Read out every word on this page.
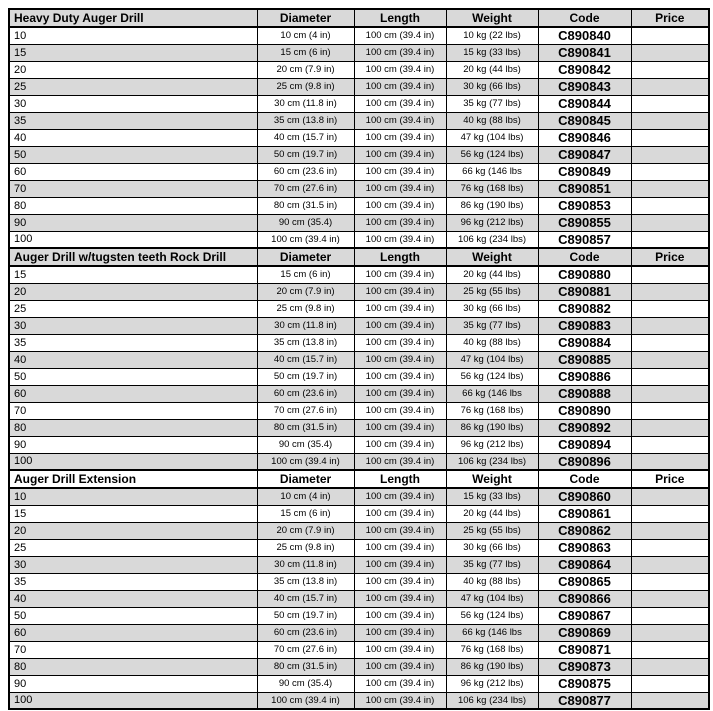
Heavy Duty Auger Drill	Diameter	Length	Weight	Code	Price
10	10 cm (4 in)	100 cm (39.4 in)	10 kg (22 lbs)	C890840	
15	15 cm (6 in)	100 cm (39.4 in)	15 kg (33 lbs)	C890841	
20	20 cm (7.9 in)	100 cm (39.4 in)	20 kg (44 lbs)	C890842	
25	25 cm (9.8 in)	100 cm (39.4 in)	30 kg (66 lbs)	C890843	
30	30 cm (11.8 in)	100 cm (39.4 in)	35 kg (77 lbs)	C890844	
35	35 cm (13.8 in)	100 cm (39.4 in)	40 kg (88 lbs)	C890845	
40	40 cm (15.7 in)	100 cm (39.4 in)	47 kg (104 lbs)	C890846	
50	50 cm (19.7 in)	100 cm (39.4 in)	56 kg (124 lbs)	C890847	
60	60 cm (23.6 in)	100 cm (39.4 in)	66 kg (146 lbs	C890849	
70	70 cm (27.6 in)	100 cm (39.4 in)	76 kg (168 lbs)	C890851	
80	80 cm (31.5 in)	100 cm (39.4 in)	86 kg (190 lbs)	C890853	
90	90 cm (35.4)	100 cm (39.4 in)	96 kg (212 lbs)	C890855	
100	100 cm (39.4 in)	100 cm (39.4 in)	106 kg (234 lbs)	C890857	
Auger Drill w/tugsten teeth Rock Drill	Diameter	Length	Weight	Code	Price
15	15 cm (6 in)	100 cm (39.4 in)	20 kg (44 lbs)	C890880	
20	20 cm (7.9 in)	100 cm (39.4 in)	25 kg (55 lbs)	C890881	
25	25 cm (9.8 in)	100 cm (39.4 in)	30 kg (66 lbs)	C890882	
30	30 cm (11.8 in)	100 cm (39.4 in)	35 kg (77 lbs)	C890883	
35	35 cm (13.8 in)	100 cm (39.4 in)	40 kg (88 lbs)	C890884	
40	40 cm (15.7 in)	100 cm (39.4 in)	47 kg (104 lbs)	C890885	
50	50 cm (19.7 in)	100 cm (39.4 in)	56 kg (124 lbs)	C890886	
60	60 cm (23.6 in)	100 cm (39.4 in)	66 kg (146 lbs	C890888	
70	70 cm (27.6 in)	100 cm (39.4 in)	76 kg (168 lbs)	C890890	
80	80 cm (31.5 in)	100 cm (39.4 in)	86 kg (190 lbs)	C890892	
90	90 cm (35.4)	100 cm (39.4 in)	96 kg (212 lbs)	C890894	
100	100 cm (39.4 in)	100 cm (39.4 in)	106 kg (234 lbs)	C890896	
Auger Drill Extension	Diameter	Length	Weight	Code	Price
10	10 cm (4 in)	100 cm (39.4 in)	15 kg (33 lbs)	C890860	
15	15 cm (6 in)	100 cm (39.4 in)	20 kg (44 lbs)	C890861	
20	20 cm (7.9 in)	100 cm (39.4 in)	25 kg (55 lbs)	C890862	
25	25 cm (9.8 in)	100 cm (39.4 in)	30 kg (66 lbs)	C890863	
30	30 cm (11.8 in)	100 cm (39.4 in)	35 kg (77 lbs)	C890864	
35	35 cm (13.8 in)	100 cm (39.4 in)	40 kg (88 lbs)	C890865	
40	40 cm (15.7 in)	100 cm (39.4 in)	47 kg (104 lbs)	C890866	
50	50 cm (19.7 in)	100 cm (39.4 in)	56 kg (124 lbs)	C890867	
60	60 cm (23.6 in)	100 cm (39.4 in)	66 kg (146 lbs	C890869	
70	70 cm (27.6 in)	100 cm (39.4 in)	76 kg (168 lbs)	C890871	
80	80 cm (31.5 in)	100 cm (39.4 in)	86 kg (190 lbs)	C890873	
90	90 cm (35.4)	100 cm (39.4 in)	96 kg (212 lbs)	C890875	
100	100 cm (39.4 in)	100 cm (39.4 in)	106 kg (234 lbs)	C890877	
